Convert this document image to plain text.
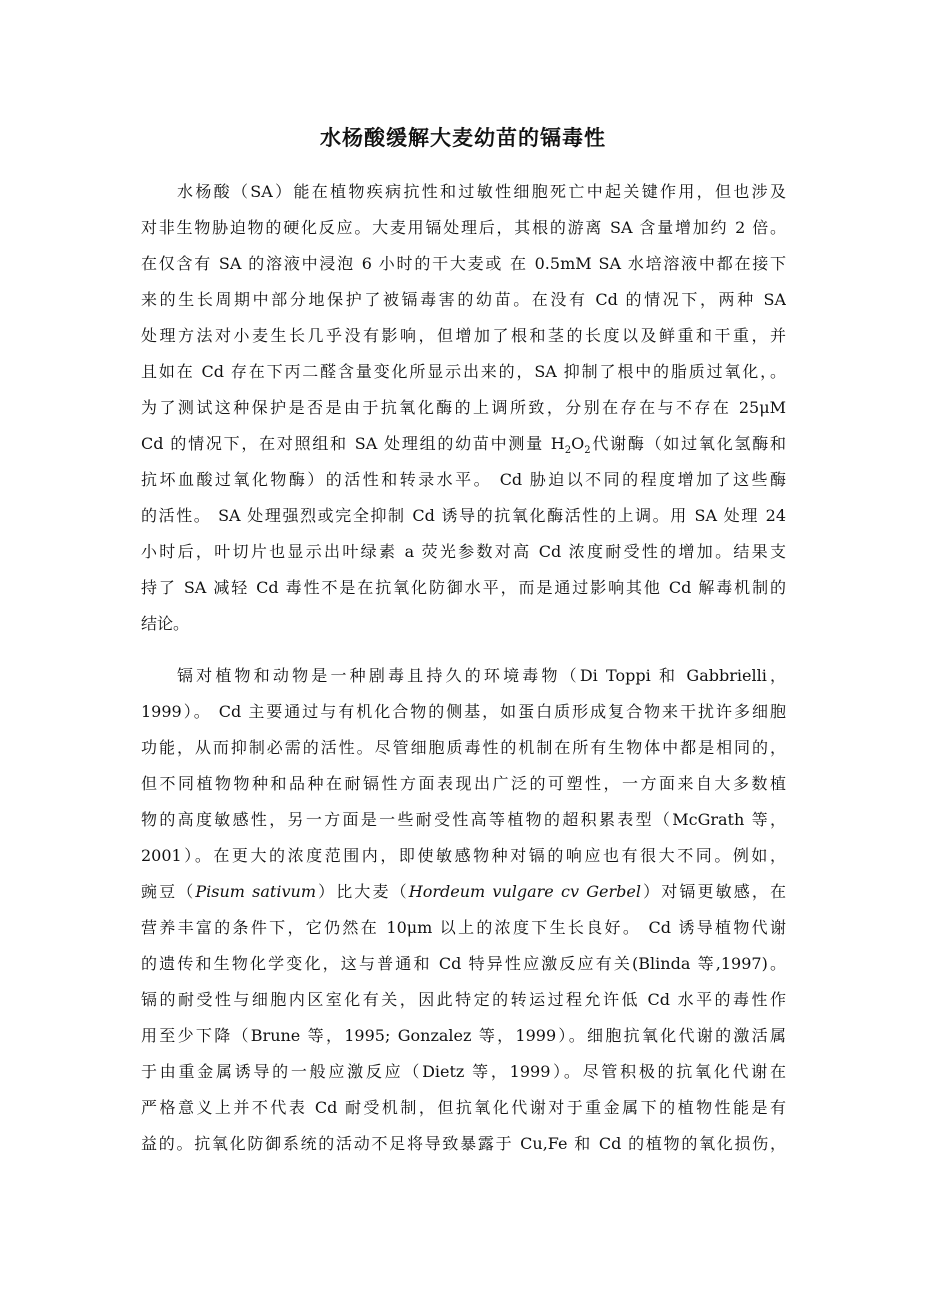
水杨酸缓解大麦幼苗的镉毒性
水杨酸（SA）能在植物疾病抗性和过敏性细胞死亡中起关键作用，但也涉及
对非生物胁迫物的硬化反应。大麦用镉处理后，其根的游离 SA 含量增加约 2 倍。
在仅含有 SA 的溶液中浸泡 6 小时的干大麦或 在 0.5mM SA 水培溶液中都在接下
来的生长周期中部分地保护了被镉毒害的幼苗。在没有 Cd 的情况下，两种 SA
处理方法对小麦生长几乎没有影响，但增加了根和茎的长度以及鲜重和干重，并
且如在 Cd 存在下丙二醛含量变化所显示出来的，SA 抑制了根中的脂质过氧化，。
为了测试这种保护是否是由于抗氧化酶的上调所致，分别在存在与不存在 25μM
Cd 的情况下，在对照组和 SA 处理组的幼苗中测量 $H_2O_2$代谢酶（如过氧化氢酶和
抗坏血酸过氧化物酶）的活性和转录水平。 Cd 胁迫以不同的程度增加了这些酶
的活性。 SA 处理强烈或完全抑制 Cd 诱导的抗氧化酶活性的上调。用 SA 处理 24
小时后，叶切片也显示出叶绿素 a 荧光参数对高 Cd 浓度耐受性的增加。结果支
持了 SA 减轻 Cd 毒性不是在抗氧化防御水平，而是通过影响其他 Cd 解毒机制的
结论。
镉对植物和动物是一种剧毒且持久的环境毒物（Di Toppi 和 Gabbrielli，
1999）。 Cd 主要通过与有机化合物的侧基，如蛋白质形成复合物来干扰许多细胞
功能，从而抑制必需的活性。尽管细胞质毒性的机制在所有生物体中都是相同的，
但不同植物物种和品种在耐镉性方面表现出广泛的可塑性，一方面来自大多数植
物的高度敏感性，另一方面是一些耐受性高等植物的超积累表型（McGrath 等，
2001）。在更大的浓度范围内，即使敏感物种对镉的响应也有很大不同。例如，
豌豆（Pisum sativum）比大麦（Hordeum vulgare cv Gerbel）对镉更敏感，在
营养丰富的条件下，它仍然在 10μm 以上的浓度下生长良好。 Cd 诱导植物代谢
的遗传和生物化学变化，这与普通和 Cd 特异性应激反应有关(Blinda 等,1997)。
镉的耐受性与细胞内区室化有关，因此特定的转运过程允许低 Cd 水平的毒性作
用至少下降（Brune 等，1995; Gonzalez 等，1999）。细胞抗氧化代谢的激活属
于由重金属诱导的一般应激反应（Dietz 等，1999）。尽管积极的抗氧化代谢在
严格意义上并不代表 Cd 耐受机制，但抗氧化代谢对于重金属下的植物性能是有
益的。抗氧化防御系统的活动不足将导致暴露于 Cu,Fe 和 Cd 的植物的氧化损伤，
